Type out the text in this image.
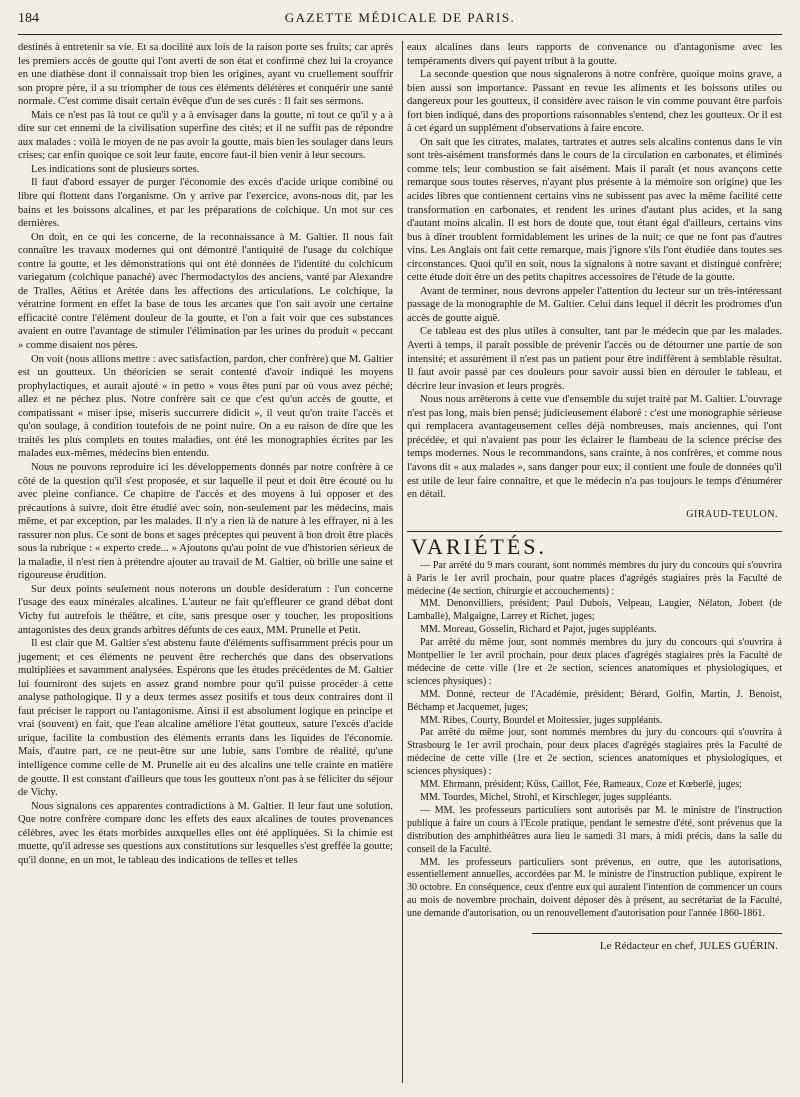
184	GAZETTE MÉDICALE DE PARIS.

destinés à entretenir sa vie. Et sa docilité aux lois de la raison porte ses fruits; car après les premiers accès de goutte qui l'ont averti de son état et confirmé chez lui la croyance en une diathèse dont il connaissait trop bien les origines, ayant vu cruellement souffrir son propre père, il a su triompher de tous ces éléments délétères et conquérir une santé normale. C'est comme disait certain évêque d'un de ses curés : Il fait ses sermons.

Mais ce n'est pas là tout ce qu'il y a à envisager dans la goutte, ni tout ce qu'il y a à dire sur cet ennemi de la civilisation superfine des cités; et il ne suffit pas de répondre aux malades : voilà le moyen de ne pas avoir la goutte, mais bien les soulager dans leurs crises; car enfin quoique ce soit leur faute, encore faut-il bien venir à leur secours.

Les indications sont de plusieurs sortes.

Il faut d'abord essayer de purger l'économie des excès d'acide urique combiné ou libre qui flottent dans l'organisme. On y arrive par l'exercice, avons-nous dit, par les bains et les boissons alcalines, et par les préparations de colchique. Un mot sur ces dernières.

On doit, en ce qui les concerne, de la reconnaissance à M. Galtier. Il nous fait connaître les travaux modernes qui ont démontré l'antiquité de l'usage du colchique contre la goutte, et les démonstrations qui ont été données de l'identité du colchicum variegatum (colchique panaché) avec l'hermodactylos des anciens, vanté par Alexandre de Tralles, Aëtius et Arétée dans les affections des articulations. Le colchique, la vératrine forment en effet la base de tous les arcanes que l'on sait avoir une certaine efficacité contre l'élément douleur de la goutte, et l'on a fait voir que ces substances avaient en outre l'avantage de stimuler l'élimination par les urines du produit « peccant » comme disaient nos pères.

On voit (nous allions mettre : avec satisfaction, pardon, cher confrère) que M. Galtier est un goutteux. Un théoricien se serait contenté d'avoir indiqué les moyens prophylactiques, et aurait ajouté « in petto » vous êtes puni par où vous avez péché; allez et ne péchez plus. Notre confrère sait ce que c'est qu'un accès de goutte, et compatissant « miser ipse, miseris succurrere didicit », il veut qu'on traite l'accès et qu'on soulage, à condition toutefois de ne point nuire. On a eu raison de dire que les traités les plus complets en toutes maladies, ont été les monographies écrites par les malades eux-mêmes, médecins bien entendu.

Nous ne pouvons reproduire ici les développements donnés par notre confrère à ce côté de la question qu'il s'est proposée, et sur laquelle il peut et doit être écouté ou lu avec pleine confiance. Ce chapitre de l'accès et des moyens à lui opposer et des précautions à suivre, doit être étudié avec soin, non-seulement par les médecins, mais même, et par exception, par les malades. Il n'y a rien là de nature à les effrayer, ni à les rassurer non plus. Ce sont de bons et sages préceptes qui peuvent à bon droit être placés sous la rubrique : « experto crede... » Ajoutons qu'au point de vue d'historien sérieux de la maladie, il n'est rien à prétendre ajouter au travail de M. Galtier, où brille une saine et rigoureuse érudition.

Sur deux points seulement nous noterons un double desideratum : l'un concerne l'usage des eaux minérales alcalines. L'auteur ne fait qu'effleurer ce grand débat dont Vichy fut autrefois le théâtre, et cite, sans presque oser y toucher, les propositions antagonistes des deux grands arbitres défunts de ces eaux, MM. Prunelle et Petit.

Il est clair que M. Galtier s'est abstenu faute d'éléments suffisamment précis pour un jugement; et ces éléments ne peuvent être recherchés que dans des observations multipliées et savamment analysées. Espérons que les études précédentes de M. Galtier lui fourniront des sujets en assez grand nombre pour qu'il puisse procéder à cette analyse pathologique. Il y a deux termes assez positifs et tous deux contraires dont il faut préciser le rapport ou l'antagonisme. Ainsi il est absolument logique en principe et vrai (souvent) en fait, que l'eau alcaline améliore l'état goutteux, sature l'excès d'acide urique, facilite la combustion des éléments errants dans les liquides de l'économie. Mais, d'autre part, ce ne peut-être sur une lubie, sans l'ombre de réalité, qu'une intelligence comme celle de M. Prunelle ait eu des alcalins une telle crainte en matière de goutte. Il est constant d'ailleurs que tous les goutteux n'ont pas à se féliciter du séjour de Vichy.

Nous signalons ces apparentes contradictions à M. Galtier. Il leur faut une solution. Que notre confrère compare donc les effets des eaux alcalines de toutes provenances célèbres, avec les états morbides auxquelles elles ont été appliquées. Si la chimie est muette, qu'il adresse ses questions aux constitutions sur lesquelles s'est greffée la goutte; qu'il donne, en un mot, le tableau des indications de telles et telles

eaux alcalines dans leurs rapports de convenance ou d'antagonisme avec les tempéraments divers qui payent tribut à la goutte.

La seconde question que nous signalerons à notre confrère, quoique moins grave, a bien aussi son importance. Passant en revue les aliments et les boissons utiles ou dangereux pour les goutteux, il considère avec raison le vin comme pouvant être parfois fort bien indiqué, dans des proportions raisonnables s'entend, chez les goutteux. Or il est à cet égard un supplément d'observations à faire encore.

On sait que les citrates, malates, tartrates et autres sels alcalins contenus dans le vin sont très-aisément transformés dans le cours de la circulation en carbonates, et éliminés comme tels; leur combustion se fait aisément. Mais il paraît (et nous avançons cette remarque sous toutes réserves, n'ayant plus présente à la mémoire son origine) que les acides libres que contiennent certains vins ne subissent pas avec la même facilité cette transformation en carbonates, et rendent les urines d'autant plus acides, et la sang d'autant moins alcalin. Il est hors de doute que, tout étant égal d'ailleurs, certains vins bus à dîner troublent formidablement les urines de la nuit; ce que ne font pas d'autres vins. Les Anglais ont fait cette remarque, mais j'ignore s'ils l'ont étudiée dans toutes ses circonstances. Quoi qu'il en soit, nous la signalons à notre savant et distingué confrère; cette étude doit être un des petits chapitres accessoires de l'étude de la goutte.

Avant de terminer, nous devrons appeler l'attention du lecteur sur un très-intéressant passage de la monographie de M. Galtier. Celui dans lequel il décrit les prodromes d'un accès de goutte aiguë.

Ce tableau est des plus utiles à consulter, tant par le médecin que par les malades. Averti à temps, il paraît possible de prévenir l'accès ou de détourner une partie de son intensité; et assurément il n'est pas un patient pour être indifférent à semblable résultat. Il faut avoir passé par ces douleurs pour savoir aussi bien en dérouler le tableau, et décrire leur invasion et leurs progrès.

Nous nous arrêterons à cette vue d'ensemble du sujet traité par M. Galtier. L'ouvrage n'est pas long, mais bien pensé; judicieusement élaboré : c'est une monographie sérieuse qui remplacera avantageusement celles déjà nombreuses, mais anciennes, qui l'ont précédée, et qui n'avaient pas pour les éclairer le flambeau de la science précise des temps modernes. Nous le recommandons, sans crainte, à nos confrères, et comme nous l'avons dit « aux malades », sans danger pour eux; il contient une foule de données qu'il est utile de leur faire connaître, et que le médecin n'a pas toujours le temps d'énumérer en détail.

GIRAUD-TEULON.
VARIÉTÉS.

— Par arrêté du 9 mars courant, sont nommés membres du jury du concours qui s'ouvrira à Paris le 1er avril prochain, pour quatre places d'agrégés stagiaires près la Faculté de médecine (4e section, chirurgie et accouchements) :

MM. Denonvilliers, président; Paul Dubois, Velpeau, Laugier, Nélaton, Jobert (de Lamballe), Malgaigne, Larrey et Richet, juges;

MM. Moreau, Gosselin, Richard et Pajot, juges suppléants.

Par arrêté du même jour, sont nommés membres du jury du concours qui s'ouvrira à Montpellier le 1er avril prochain, pour deux places d'agrégés stagiaires près la Faculté de médecine de cette ville (1re et 2e section, sciences anatomiques et physiologiques, et sciences physiques) :

MM. Donné, recteur de l'Académie, président; Bérard, Golfin, Martin, J. Benoist, Béchamp et Jacquemet, juges;

MM. Ribes, Courty, Bourdel et Moitessier, juges suppléants.

Par arrêté du même jour, sont nommés membres du jury du concours qui s'ouvrira à Strasbourg le 1er avril prochain, pour deux places d'agrégés stagiaires près la Faculté de médecine de cette ville (1re et 2e section, sciences anatomiques et physiologiques, et sciences physiques) :

MM. Ehrmann, président; Küss, Caillot, Fée, Rameaux, Coze et Kœberlé, juges;

MM. Tourdes, Michel, Strohl, et Kirschleger, juges suppléants.

— MM. les professeurs particuliers sont autorisés par M. le ministre de l'instruction publique à faire un cours à l'Ecole pratique, pendant le semestre d'été, sont prévenus que la distribution des amphithéâtres aura lieu le samedi 31 mars, à midi précis, dans la salle du conseil de la Faculté.

MM. les professeurs particuliers sont prévenus, en outre, que les autorisations, essentiellement annuelles, accordées par M. le ministre de l'instruction publique, expirent le 30 octobre. En conséquence, ceux d'entre eux qui auraient l'intention de commencer un cours au mois de novembre prochain, doivent déposer dès à présent, au secrétariat de la Faculté, une demande d'autorisation, ou un renouvellement d'autorisation pour l'année 1860-1861.

Le Rédacteur en chef, JULES GUÉRIN.
